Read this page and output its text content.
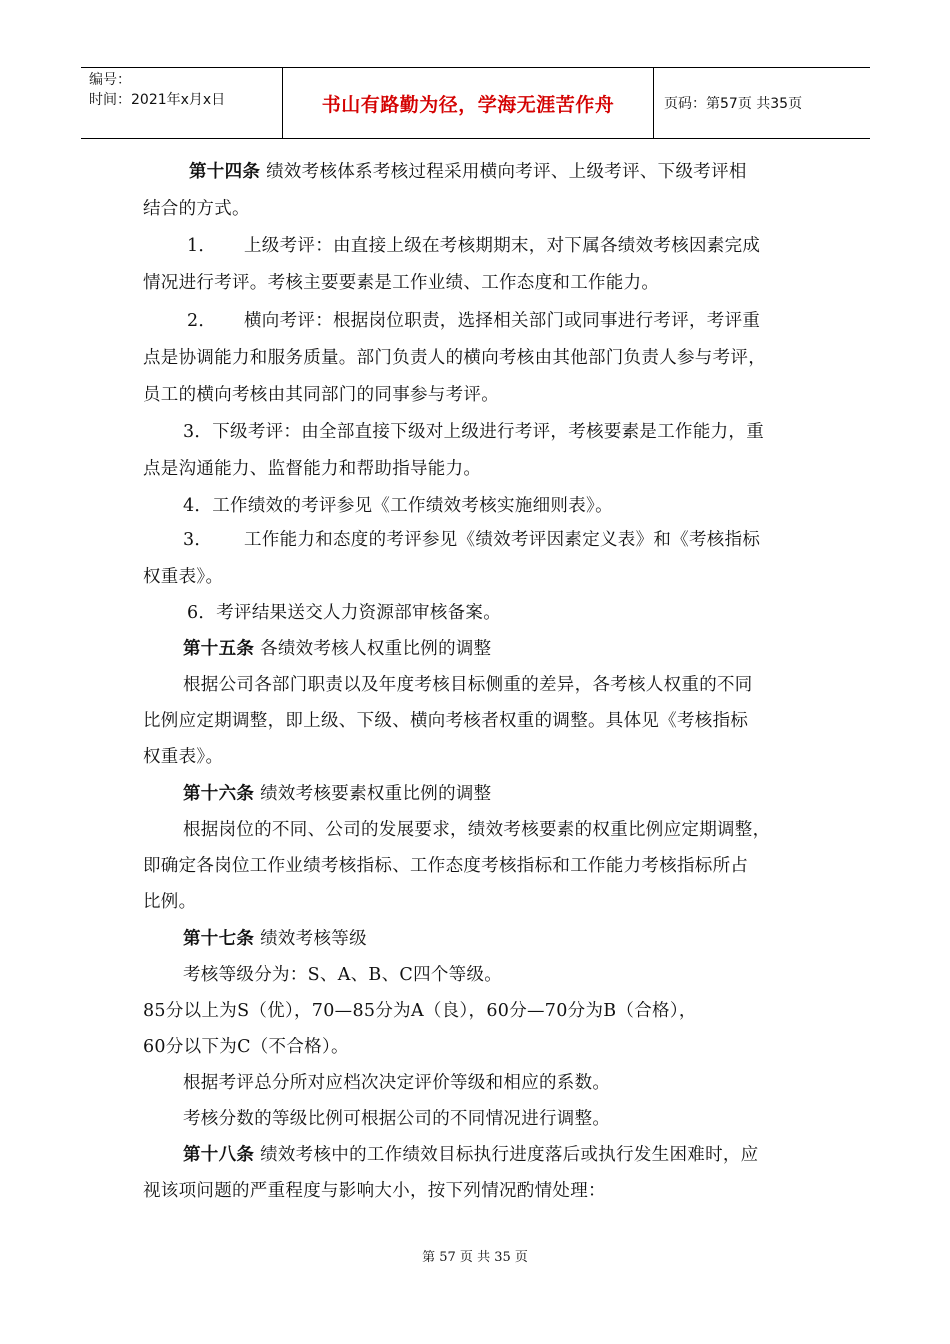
编号：
时间：2021年x月x日	书山有路勤为径，学海无涯苦作舟	页码：第57页 共35页
第十四条 绩效考核体系考核过程采用横向考评、上级考评、下级考评相
结合的方式。
1． 上级考评：由直接上级在考核期期末，对下属各绩效考核因素完成
情况进行考评。考核主要要素是工作业绩、工作态度和工作能力。
2． 横向考评：根据岗位职责，选择相关部门或同事进行考评，考评重
点是协调能力和服务质量。部门负责人的横向考核由其他部门负责人参与考评，
员工的横向考核由其同部门的同事参与考评。
3．下级考评：由全部直接下级对上级进行考评，考核要素是工作能力，重
点是沟通能力、监督能力和帮助指导能力。
4．工作绩效的考评参见《工作绩效考核实施细则表》。
3． 工作能力和态度的考评参见《绩效考评因素定义表》和《考核指标
权重表》。
6．考评结果送交人力资源部审核备案。
第十五条 各绩效考核人权重比例的调整
根据公司各部门职责以及年度考核目标侧重的差异，各考核人权重的不同
比例应定期调整，即上级、下级、横向考核者权重的调整。具体见《考核指标
权重表》。
第十六条 绩效考核要素权重比例的调整
根据岗位的不同、公司的发展要求，绩效考核要素的权重比例应定期调整，
即确定各岗位工作业绩考核指标、工作态度考核指标和工作能力考核指标所占
比例。
第十七条 绩效考核等级
考核等级分为：S、A、B、C四个等级。
85分以上为S（优），70—85分为A（良），60分—70分为B（合格），
60分以下为C（不合格）。
根据考评总分所对应档次决定评价等级和相应的系数。
考核分数的等级比例可根据公司的不同情况进行调整。
第十八条 绩效考核中的工作绩效目标执行进度落后或执行发生困难时，应
视该项问题的严重程度与影响大小，按下列情况酌情处理：
第 57 页 共 35 页
